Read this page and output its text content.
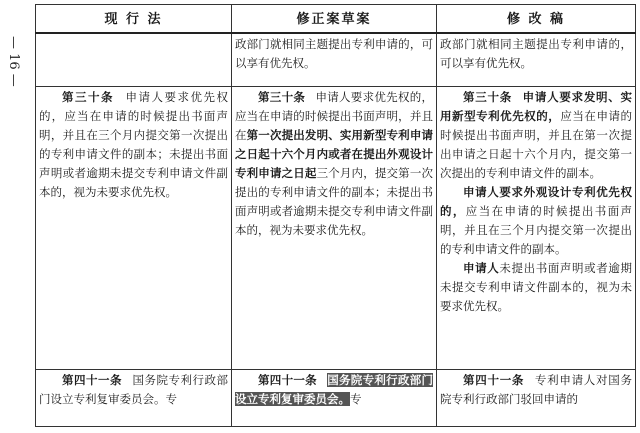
— 16 —
现 行 法	修正案草案	修 改 稿
	政部门就相同主题提出专利申请的，可以享有优先权。	政部门就相同主题提出专利申请的，可以享有优先权。

第三十条 申请人要求优先权的，应当在申请的时候提出书面声明，并且在三个月内提交第一次提出的专利申请文件的副本；未提出书面声明或者逾期未提交专利申请文件副本的，视为未要求优先权。	第三十条 申请人要求优先权的，应当在申请的时候提出书面声明，并且在第一次提出发明、实用新型专利申请之日起十六个月内或者在提出外观设计专利申请之日起三个月内，提交第一次提出的专利申请文件的副本；未提出书面声明或者逾期未提交专利申请文件副本的，视为未要求优先权。	第三十条 申请人要求发明、实用新型专利优先权的，应当在申请的时候提出书面声明，并且在第一次提出申请之日起十六个月内，提交第一次提出的专利申请文件的副本。
申请人要求外观设计专利优先权的，应当在申请的时候提出书面声明，并且在三个月内提交第一次提出的专利申请文件的副本。
申请人未提出书面声明或者逾期未提交专利申请文件副本的，视为未要求优先权。

第四十一条 国务院专利行政部门设立专利复审委员会。专	第四十一条 国务院专利行政部门设立专利复审委员会。专	第四十一条 专利申请人对国务院专利行政部门驳回申请的
